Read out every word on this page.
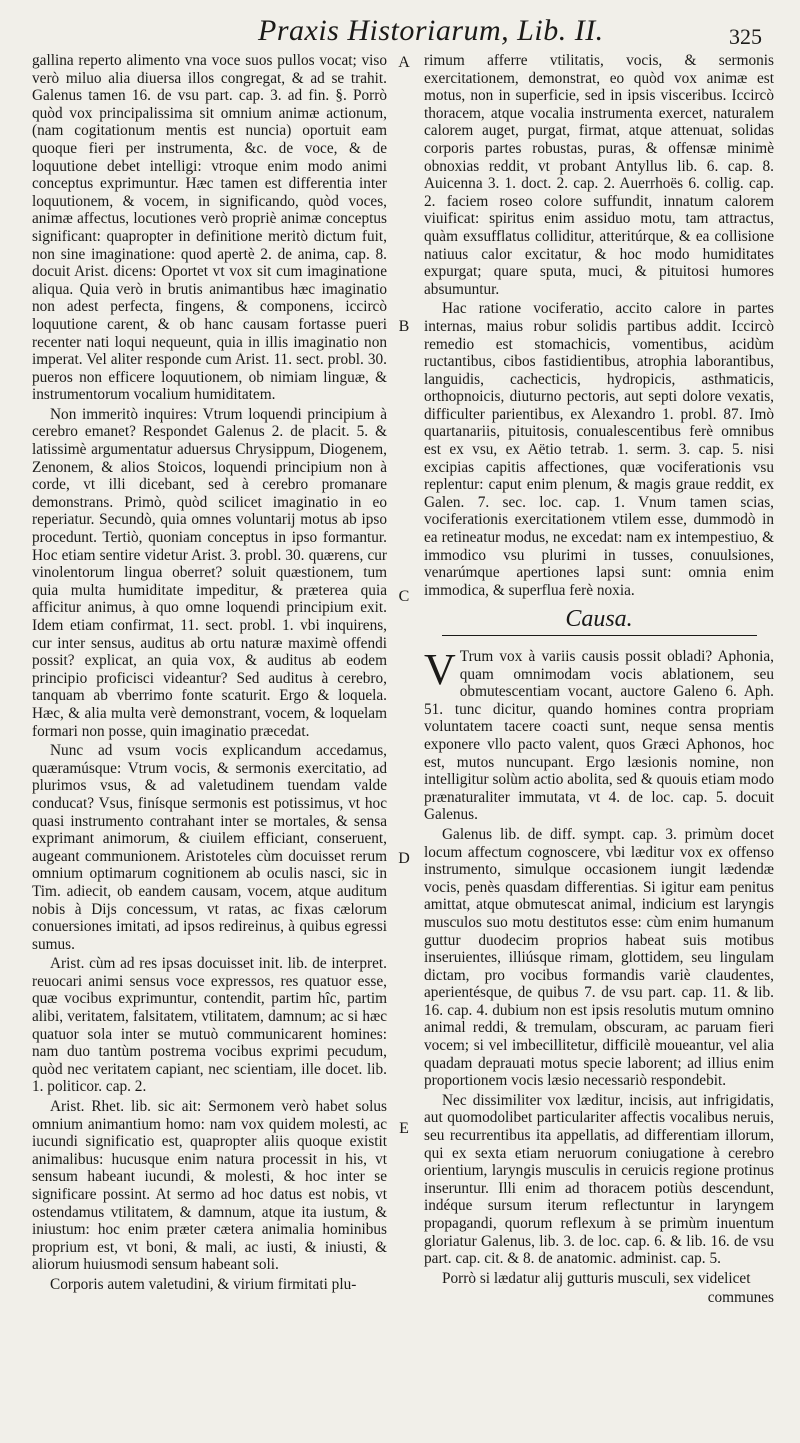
Praxis Historiarum, Lib. II.	325
A
B
C
D
E

gallina reperto alimento vna voce suos pullos vocat; viso verò miluo alia diuersa illos congregat, & ad se trahit. Galenus tamen 16. de vsu part. cap. 3. ad fin. §. Porrò quòd vox principalissima sit omnium animæ actionum, (nam cogitationum mentis est nuncia) oportuit eam quoque fieri per instrumenta, &c. de voce, & de loquutione debet intelligi: vtroque enim modo animi conceptus exprimuntur. Hæc tamen est differentia inter loquutionem, & vocem, in significando, quòd voces, animæ affectus, locutiones verò propriè animæ conceptus significant: quapropter in definitione meritò dictum fuit, non sine imaginatione: quod apertè 2. de anima, cap. 8. docuit Arist. dicens: Oportet vt vox sit cum imaginatione aliqua. Quia verò in brutis animantibus hæc imaginatio non adest perfecta, fingens, & componens, iccircò loquutione carent, & ob hanc causam fortasse pueri recenter nati loqui nequeunt, quia in illis imaginatio non imperat. Vel aliter responde cum Arist. 11. sect. probl. 30. pueros non efficere loquutionem, ob nimiam linguæ, & instrumentorum vocalium humiditatem.

Non immeritò inquires: Vtrum loquendi principium à cerebro emanet? Respondet Galenus 2. de placit. 5. & latissimè argumentatur aduersus Chrysippum, Diogenem, Zenonem, & alios Stoicos, loquendi principium non à corde, vt illi dicebant, sed à cerebro promanare demonstrans. Primò, quòd scilicet imaginatio in eo reperiatur. Secundò, quia omnes voluntarij motus ab ipso procedunt. Tertiò, quoniam conceptus in ipso formantur. Hoc etiam sentire videtur Arist. 3. probl. 30. quærens, cur vinolentorum lingua oberret? soluit quæstionem, tum quia multa humiditate impeditur, & præterea quia afficitur animus, à quo omne loquendi principium exit. Idem etiam confirmat, 11. sect. probl. 1. vbi inquirens, cur inter sensus, auditus ab ortu naturæ maximè offendi possit? explicat, an quia vox, & auditus ab eodem principio proficisci videantur? Sed auditus à cerebro, tanquam ab vberrimo fonte scaturit. Ergo & loquela. Hæc, & alia multa verè demonstrant, vocem, & loquelam formari non posse, quin imaginatio præcedat.

Nunc ad vsum vocis explicandum accedamus, quæramúsque: Vtrum vocis, & sermonis exercitatio, ad plurimos vsus, & ad valetudinem tuendam valde conducat? Vsus, finísque sermonis est potissimus, vt hoc quasi instrumento contrahant inter se mortales, & sensa exprimant animorum, & ciuilem efficiant, conseruent, augeant communionem. Aristoteles cùm docuisset rerum omnium optimarum cognitionem ab oculis nasci, sic in Tim. adiecit, ob eandem causam, vocem, atque auditum nobis à Dijs concessum, vt ratas, ac fixas cælorum conuersiones imitati, ad ipsos redireinus, à quibus egressi sumus.

Arist. cùm ad res ipsas docuisset init. lib. de interpret. reuocari animi sensus voce expressos, res quatuor esse, quæ vocibus exprimuntur, contendit, partim hîc, partim alibi, veritatem, falsitatem, vtilitatem, damnum; ac si hæc quatuor sola inter se mutuò communicarent homines: nam duo tantùm postrema vocibus exprimi pecudum, quòd nec veritatem capiant, nec scientiam, ille docet. lib. 1. politicor. cap. 2.

Arist. Rhet. lib. sic ait: Sermonem verò habet solus omnium animantium homo: nam vox quidem molesti, ac iucundi significatio est, quapropter aliis quoque existit animalibus: hucusque enim natura processit in his, vt sensum habeant iucundi, & molesti, & hoc inter se significare possint. At sermo ad hoc datus est nobis, vt ostendamus vtilitatem, & damnum, atque ita iustum, & iniustum: hoc enim præter cætera animalia hominibus proprium est, vt boni, & mali, ac iusti, & iniusti, & aliorum huiusmodi sensum habeant soli.

Corporis autem valetudini, & virium firmitati plu-

rimum afferre vtilitatis, vocis, & sermonis exercitationem, demonstrat, eo quòd vox animæ est motus, non in superficie, sed in ipsis visceribus. Iccircò thoracem, atque vocalia instrumenta exercet, naturalem calorem auget, purgat, firmat, atque attenuat, solidas corporis partes robustas, puras, & offensæ minimè obnoxias reddit, vt probant Antyllus lib. 6. cap. 8. Auicenna 3. 1. doct. 2. cap. 2. Auerrhoës 6. collig. cap. 2. faciem roseo colore suffundit, innatum calorem viuificat: spiritus enim assiduo motu, tam attractus, quàm exsufflatus colliditur, atteritúrque, & ea collisione natiuus calor excitatur, & hoc modo humiditates expurgat; quare sputa, muci, & pituitosi humores absumuntur.

Hac ratione vociferatio, accito calore in partes internas, maius robur solidis partibus addit. Iccircò remedio est stomachicis, vomentibus, acidùm ructantibus, cibos fastidientibus, atrophia laborantibus, languidis, cachecticis, hydropicis, asthmaticis, orthopnoicis, diuturno pectoris, aut septi dolore vexatis, difficulter parientibus, ex Alexandro 1. probl. 87. Imò quartanariis, pituitosis, conualescentibus ferè omnibus est ex vsu, ex Aëtio tetrab. 1. serm. 3. cap. 5. nisi excipias capitis affectiones, quæ vociferationis vsu replentur: caput enim plenum, & magis graue reddit, ex Galen. 7. sec. loc. cap. 1. Vnum tamen scias, vociferationis exercitationem vtilem esse, dummodò in ea retineatur modus, ne excedat: nam ex intempestiuo, & immodico vsu plurimi in tusses, conuulsiones, venarúmque apertiones lapsi sunt: omnia enim immodica, & superflua ferè noxia.

Causa.

V Trum vox à variis causis possit obladi? Aphonia, quam omnimodam vocis ablationem, seu obmutescentiam vocant, auctore Galeno 6. Aph. 51. tunc dicitur, quando homines contra propriam voluntatem tacere coacti sunt, neque sensa mentis exponere vllo pacto valent, quos Græci Aphonos, hoc est, mutos nuncupant. Ergo læsionis nomine, non intelligitur solùm actio abolita, sed & quouis etiam modo prænaturaliter immutata, vt 4. de loc. cap. 5. docuit Galenus.

Galenus lib. de diff. sympt. cap. 3. primùm docet locum affectum cognoscere, vbi læditur vox ex offenso instrumento, simulque occasionem iungit lædendæ vocis, penès quasdam differentias. Si igitur eam penitus amittat, atque obmutescat animal, indicium est laryngis musculos suo motu destitutos esse: cùm enim humanum guttur duodecim proprios habeat suis motibus inseruientes, illiúsque rimam, glottidem, seu lingulam dictam, pro vocibus formandis variè claudentes, aperientésque, de quibus 7. de vsu part. cap. 11. & lib. 16. cap. 4. dubium non est ipsis resolutis mutum omnino animal reddi, & tremulam, obscuram, ac paruam fieri vocem; si vel imbecillitetur, difficilè moueantur, vel alia quadam deprauati motus specie laborent; ad illius enim proportionem vocis læsio necessariò respondebit.

Nec dissimiliter vox læditur, incisis, aut infrigidatis, aut quomodolibet particulariter affectis vocalibus neruis, seu recurrentibus ita appellatis, ad differentiam illorum, qui ex sexta etiam neruorum coniugatione à cerebro orientium, laryngis musculis in ceruicis regione protinus inseruntur. Illi enim ad thoracem potiùs descendunt, indéque sursum iterum reflectuntur in laryngem propagandi, quorum reflexum à se primùm inuentum gloriatur Galenus, lib. 3. de loc. cap. 6. & lib. 16. de vsu part. cap. cit. & 8. de anatomic. administ. cap. 5.

Porrò si lædatur alij gutturis musculi, sex videlicet

communes
